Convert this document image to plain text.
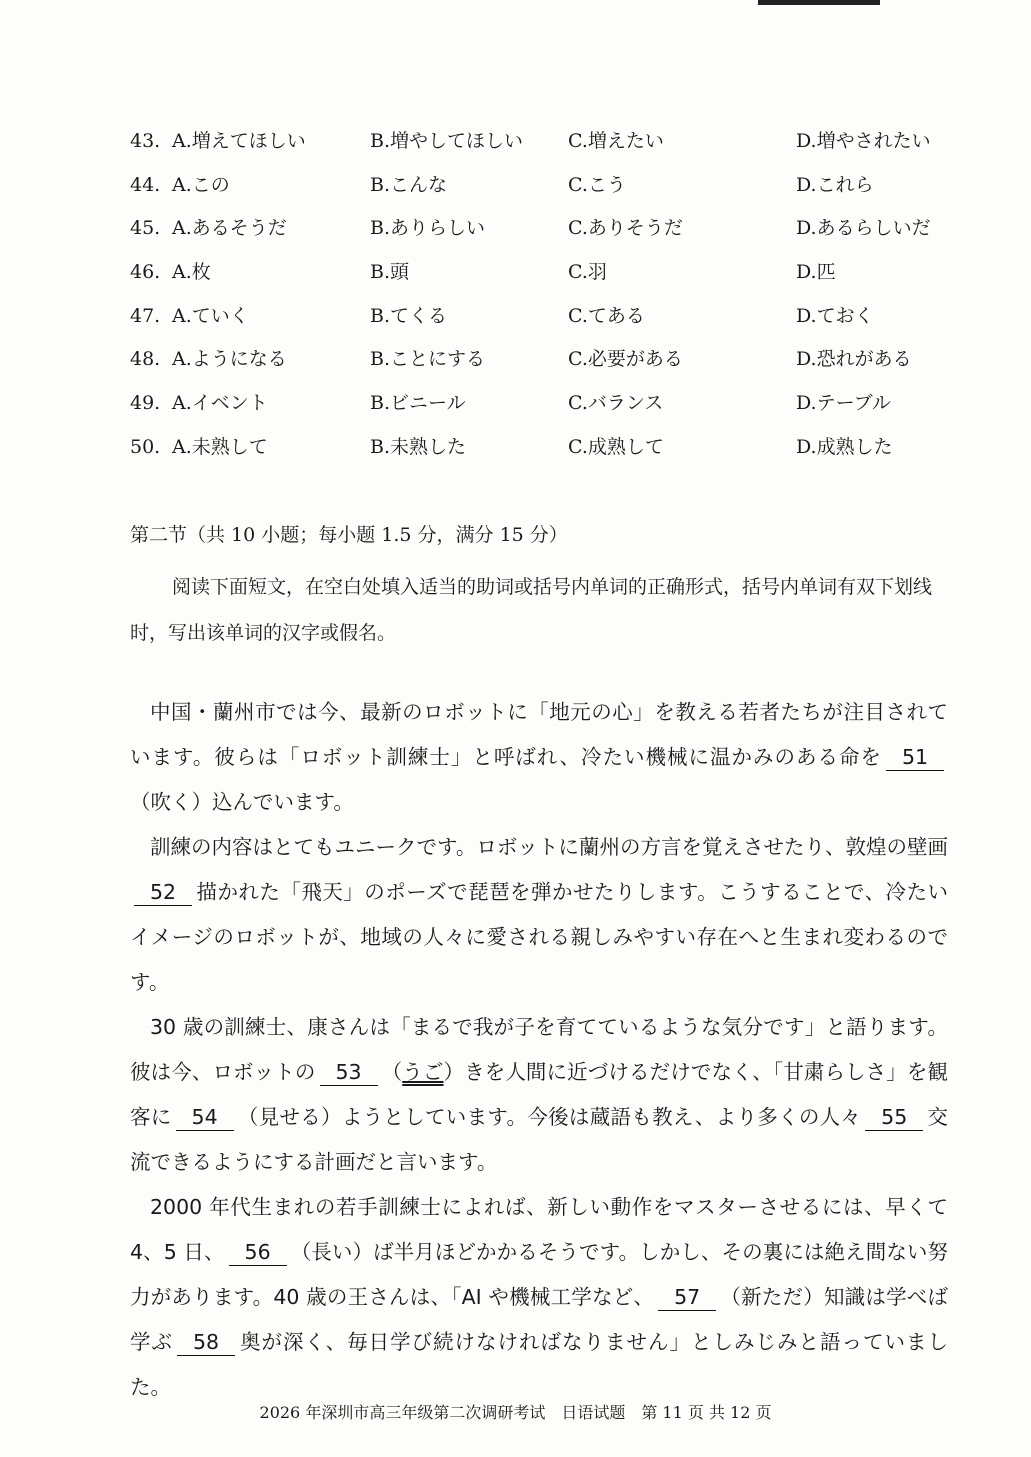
43. A.増えてほしい	B.増やしてほしい C.増えたい	D.増やされたい
44. A.この	B.こんな	C.こう	D.これら
45. A.あるそうだ	B.ありらしい	C.ありそうだ	D.あるらしいだ
46. A.枚	B.頭	C.羽	D.匹
47. A.ていく	B.てくる	C.てある	D.ておく
48. A.ようになる	B.ことにする	C.必要がある	D.恐れがある
49. A.イベント	B.ビニール	C.バランス	D.テーブル
50. A.未熟して	B.未熟した	C.成熟して	D.成熟した
第二节（共 10 小题；每小题 1.5 分，满分 15 分）
阅读下面短文，在空白处填入适当的助词或括号内单词的正确形式，括号内单词有双下划线时，写出该单词的汉字或假名。

中国・蘭州市では今、最新のロボットに「地元の心」を教える若者たちが注目されています。彼らは「ロボット訓練士」と呼ばれ、冷たい機械に温かみのある命を 51（吹く）込んでいます。

訓練の内容はとてもユニークです。ロボットに蘭州の方言を覚えさせたり、敦煌の壁画52 描かれた「飛天」のポーズで琵琶を弾かせたりします。こうすることで、冷たいイメージのロボットが、地域の人々に愛される親しみやすい存在へと生まれ変わるのです。

30 歳の訓練士、康さんは「まるで我が子を育てているような気分です」と語ります。彼は今、ロボットの 53 （うご）きを人間に近づけるだけでなく、「甘粛らしさ」を観客に 54 （見せる）ようとしています。今後は蔵語も教え、より多くの人々 55 交流できるようにする計画だと言います。

2000 年代生まれの若手訓練士によれば、新しい動作をマスターさせるには、早くて 4、5 日、 56 （長い）ば半月ほどかかるそうです。しかし、その裏には絶え間ない努力があります。40 歳の王さんは、「AI や機械工学など、 57 （新ただ）知識は学べば学ぶ 58 奥が深く、毎日学び続けなければなりません」としみじみと語っていました。

2026 年深圳市高三年级第二次调研考试　日语试题　第 11 页 共 12 页
